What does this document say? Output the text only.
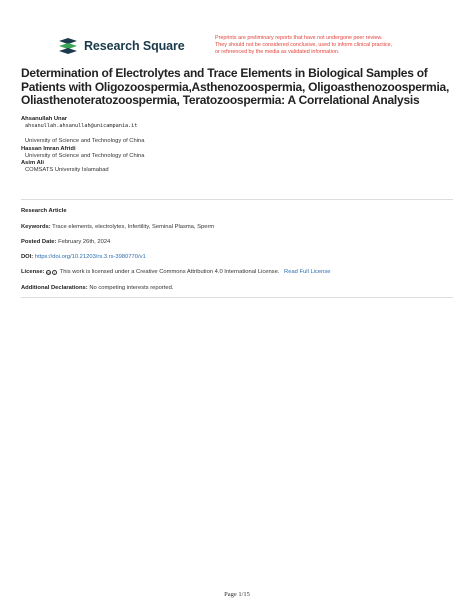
Research Square
Preprints are preliminary reports that have not undergone peer review.
They should not be considered conclusive, used to inform clinical practice,
or referenced by the media as validated information.
Determination of Electrolytes and Trace Elements in Biological Samples of
Patients with Oligozoospermia,Asthenozoospermia, Oligoasthenozoospermia,
Oliasthenoteratozoospermia, Teratozoospermia: A Correlational Analysis
Ahsanullah Unar
ahsanullah.ahsanullah@unicampania.it
University of Science and Technology of China
Hassan Imran Afridi
University of Science and Technology of China
Asim Ali
COMSATS University Islamabad
Research Article
Keywords: Trace elements, electrolytes, Infertility, Seminal Plasma, Sperm
Posted Date: February 26th, 2024
DOI: https://doi.org/10.21203/rs.3.rs-3980770/v1
License: cc i This work is licensed under a Creative Commons Attribution 4.0 International License. Read Full License
Additional Declarations: No competing interests reported.
Page 1/15
